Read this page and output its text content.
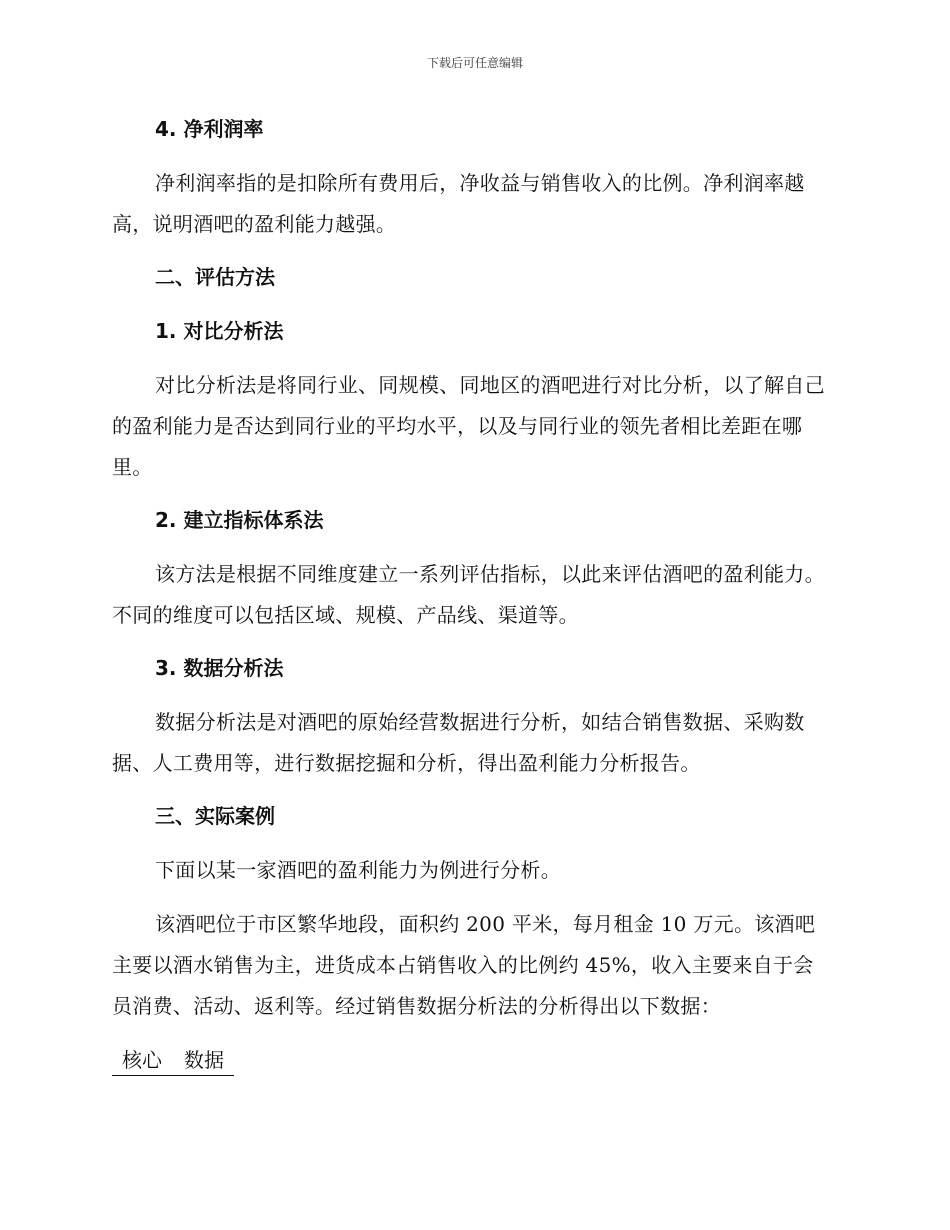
下载后可任意编辑
4. 净利润率

净利润率指的是扣除所有费用后，净收益与销售收入的比例。净利润率越高，说明酒吧的盈利能力越强。

二、评估方法
1. 对比分析法

对比分析法是将同行业、同规模、同地区的酒吧进行对比分析，以了解自己的盈利能力是否达到同行业的平均水平，以及与同行业的领先者相比差距在哪里。

2. 建立指标体系法

该方法是根据不同维度建立一系列评估指标，以此来评估酒吧的盈利能力。不同的维度可以包括区域、规模、产品线、渠道等。

3. 数据分析法

数据分析法是对酒吧的原始经营数据进行分析，如结合销售数据、采购数据、人工费用等，进行数据挖掘和分析，得出盈利能力分析报告。

三、实际案例

下面以某一家酒吧的盈利能力为例进行分析。

该酒吧位于市区繁华地段，面积约 200 平米，每月租金 10 万元。该酒吧主要以酒水销售为主，进货成本占销售收入的比例约 45%，收入主要来自于会员消费、活动、返利等。经过销售数据分析法的分析得出以下数据：

核心 数据
